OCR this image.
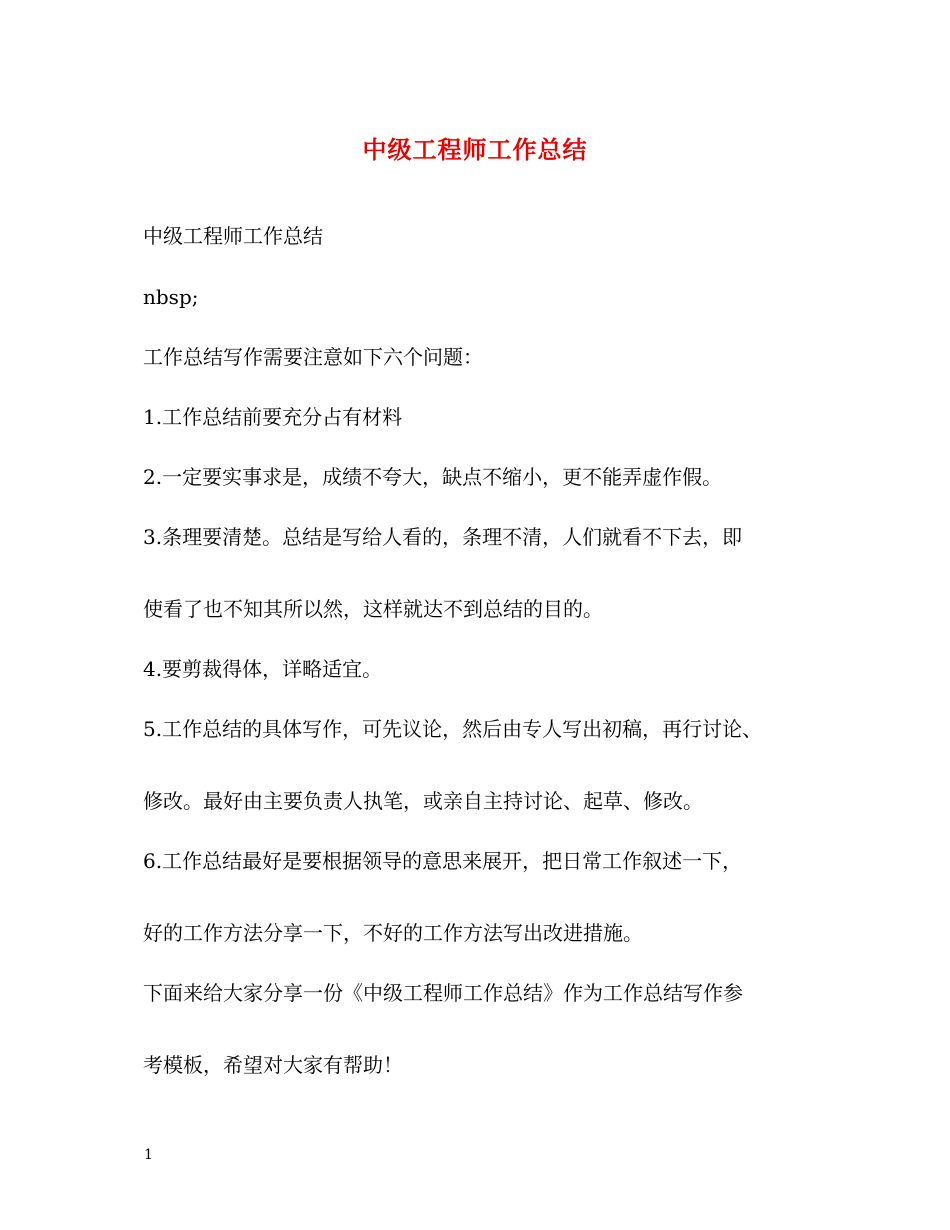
中级工程师工作总结
中级工程师工作总结
nbsp;
工作总结写作需要注意如下六个问题：
1.工作总结前要充分占有材料
2.一定要实事求是，成绩不夸大，缺点不缩小，更不能弄虚作假。
3.条理要清楚。总结是写给人看的，条理不清，人们就看不下去，即
使看了也不知其所以然，这样就达不到总结的目的。
4.要剪裁得体，详略适宜。
5.工作总结的具体写作，可先议论，然后由专人写出初稿，再行讨论、
修改。最好由主要负责人执笔，或亲自主持讨论、起草、修改。
6.工作总结最好是要根据领导的意思来展开，把日常工作叙述一下，
好的工作方法分享一下，不好的工作方法写出改进措施。
下面来给大家分享一份《中级工程师工作总结》作为工作总结写作参
考模板，希望对大家有帮助！
1
